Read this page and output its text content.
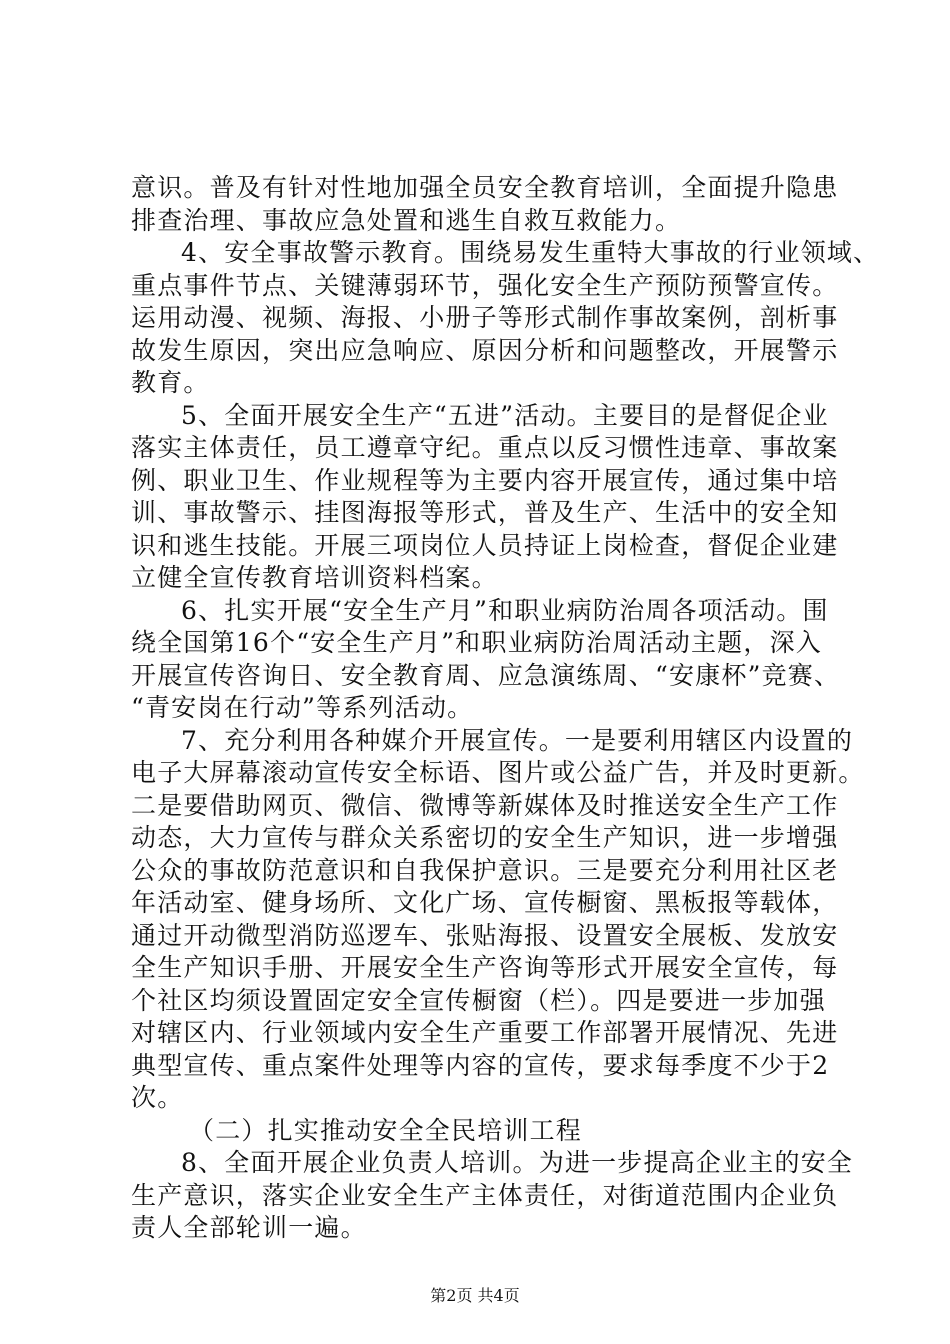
意识。普及有针对性地加强全员安全教育培训，全面提升隐患
排查治理、事故应急处置和逃生自救互救能力。
4、安全事故警示教育。围绕易发生重特大事故的行业领域、
重点事件节点、关键薄弱环节，强化安全生产预防预警宣传。
运用动漫、视频、海报、小册子等形式制作事故案例，剖析事
故发生原因，突出应急响应、原因分析和问题整改，开展警示
教育。
5、全面开展安全生产“五进”活动。主要目的是督促企业
落实主体责任，员工遵章守纪。重点以反习惯性违章、事故案
例、职业卫生、作业规程等为主要内容开展宣传，通过集中培
训、事故警示、挂图海报等形式，普及生产、生活中的安全知
识和逃生技能。开展三项岗位人员持证上岗检查，督促企业建
立健全宣传教育培训资料档案。
6、扎实开展“安全生产月”和职业病防治周各项活动。围
绕全国第16个“安全生产月”和职业病防治周活动主题，深入
开展宣传咨询日、安全教育周、应急演练周、“安康杯”竞赛、
“青安岗在行动”等系列活动。
7、充分利用各种媒介开展宣传。一是要利用辖区内设置的
电子大屏幕滚动宣传安全标语、图片或公益广告，并及时更新。
二是要借助网页、微信、微博等新媒体及时推送安全生产工作
动态，大力宣传与群众关系密切的安全生产知识，进一步增强
公众的事故防范意识和自我保护意识。三是要充分利用社区老
年活动室、健身场所、文化广场、宣传橱窗、黑板报等载体，
通过开动微型消防巡逻车、张贴海报、设置安全展板、发放安
全生产知识手册、开展安全生产咨询等形式开展安全宣传，每
个社区均须设置固定安全宣传橱窗（栏）。四是要进一步加强
对辖区内、行业领域内安全生产重要工作部署开展情况、先进
典型宣传、重点案件处理等内容的宣传，要求每季度不少于2
次。
（二）扎实推动安全全民培训工程
8、全面开展企业负责人培训。为进一步提高企业主的安全
生产意识，落实企业安全生产主体责任，对街道范围内企业负
责人全部轮训一遍。
第2页 共4页
